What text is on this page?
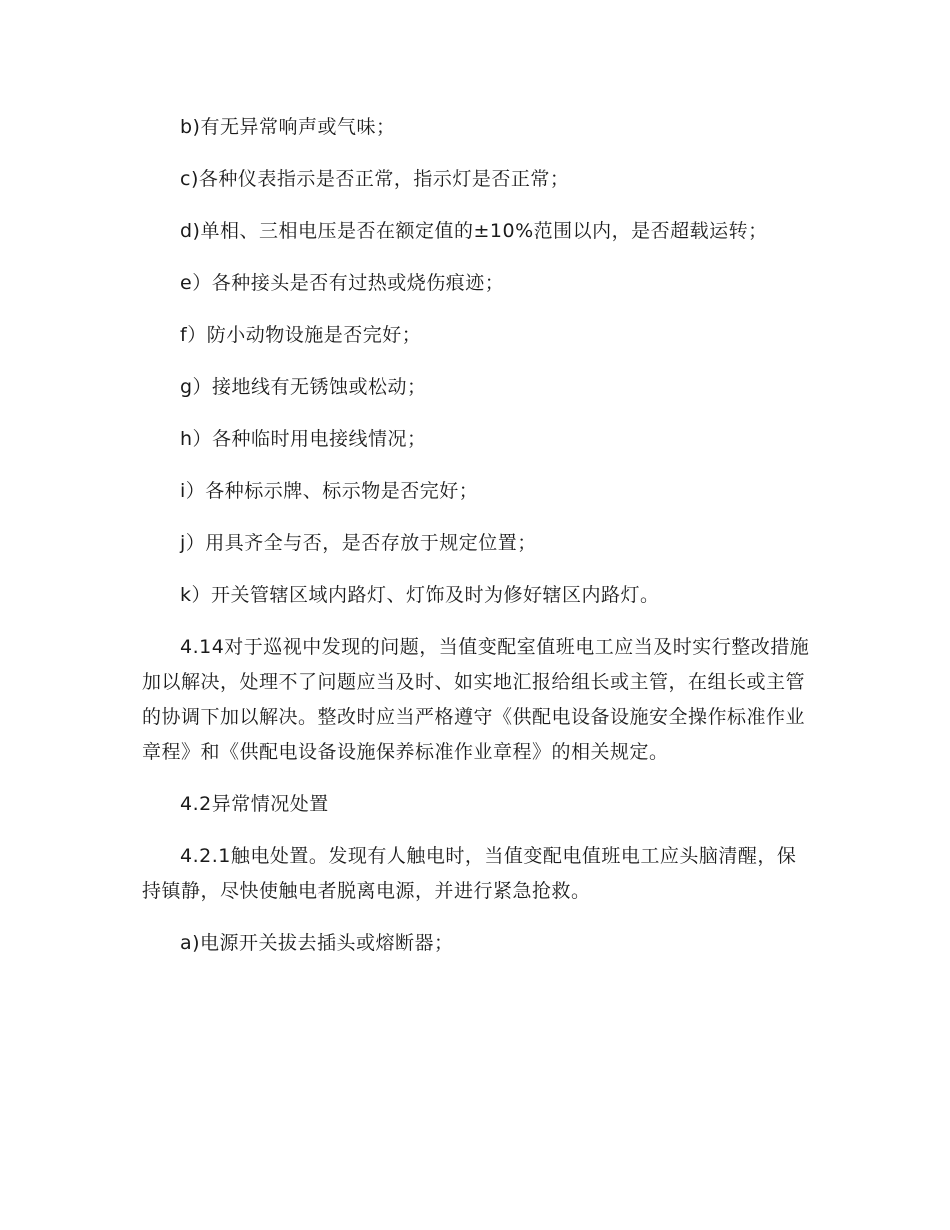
b)有无异常响声或气味；

c)各种仪表指示是否正常，指示灯是否正常；

d)单相、三相电压是否在额定值的±10%范围以内，是否超载运转；

e）各种接头是否有过热或烧伤痕迹；

f）防小动物设施是否完好；

g）接地线有无锈蚀或松动；

h）各种临时用电接线情况；

i）各种标示牌、标示物是否完好；

j）用具齐全与否，是否存放于规定位置；

k）开关管辖区域内路灯、灯饰及时为修好辖区内路灯。

4.14对于巡视中发现的问题，当值变配室值班电工应当及时实行整改措施加以解决，处理不了问题应当及时、如实地汇报给组长或主管，在组长或主管的协调下加以解决。整改时应当严格遵守《供配电设备设施安全操作标准作业章程》和《供配电设备设施保养标准作业章程》的相关规定。

4.2异常情况处置

4.2.1触电处置。发现有人触电时，当值变配电值班电工应头脑清醒，保持镇静，尽快使触电者脱离电源，并进行紧急抢救。

a)电源开关拔去插头或熔断器；
